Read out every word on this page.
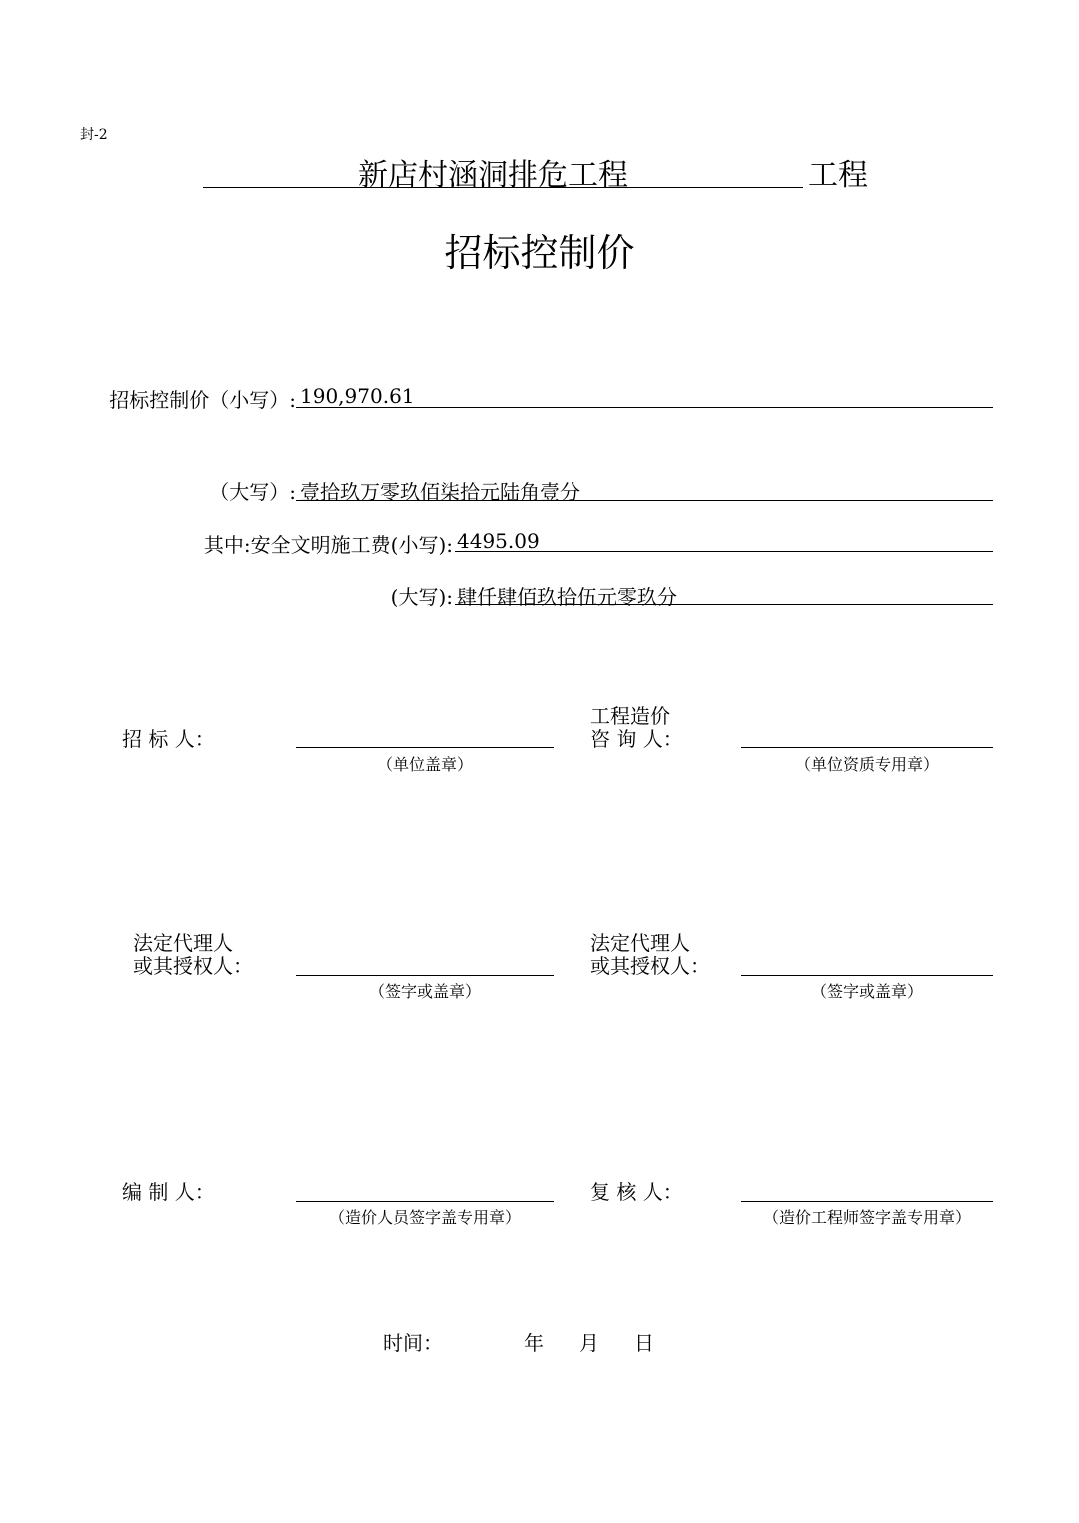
封-2
新店村涵洞排危工程	工程
招标控制价
招标控制价（小写）: 190,970.61
（大写）: 壹拾玖万零玖佰柒拾元陆角壹分
其中:安全文明施工费(小写): 4495.09
(大写): 肆仟肆佰玖拾伍元零玖分
招 标 人：
（单位盖章）
工程造价
咨 询 人：
（单位资质专用章）
法定代理人
或其授权人：
（签字或盖章）
法定代理人
或其授权人：
（签字或盖章）
编 制 人：
（造价人员签字盖专用章）
复 核 人：
（造价工程师签字盖专用章）
时间：	年 月 日
